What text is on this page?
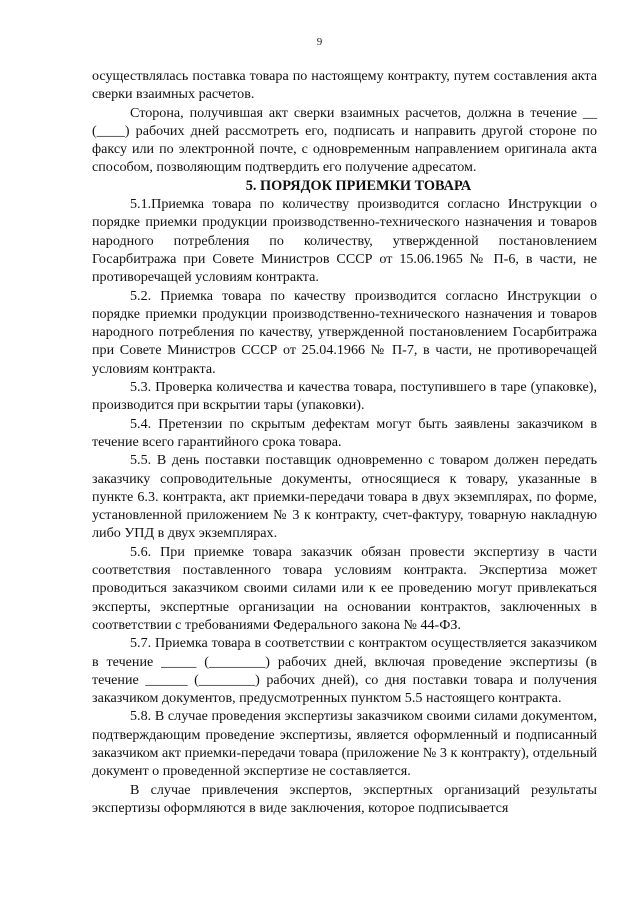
9

осуществлялась поставка товара по настоящему контракту, путем составления акта сверки взаимных расчетов.

Сторона, получившая акт сверки взаимных расчетов, должна в течение __ (____) рабочих дней рассмотреть его, подписать и направить другой стороне по факсу или по электронной почте, с одновременным направлением оригинала акта способом, позволяющим подтвердить его получение адресатом.

5. ПОРЯДОК ПРИЕМКИ ТОВАРА

5.1.Приемка товара по количеству производится согласно Инструкции о порядке приемки продукции производственно-технического назначения и товаров народного потребления по количеству, утвержденной постановлением Госарбитража при Совете Министров СССР от 15.06.1965 № П-6, в части, не противоречащей условиям контракта.

5.2. Приемка товара по качеству производится согласно Инструкции о порядке приемки продукции производственно-технического назначения и товаров народного потребления по качеству, утвержденной постановлением Госарбитража при Совете Министров СССР от 25.04.1966 № П-7, в части, не противоречащей условиям контракта.

5.3. Проверка количества и качества товара, поступившего в таре (упаковке), производится при вскрытии тары (упаковки).

5.4. Претензии по скрытым дефектам могут быть заявлены заказчиком в течение всего гарантийного срока товара.

5.5. В день поставки поставщик одновременно с товаром должен передать заказчику сопроводительные документы, относящиеся к товару, указанные в пункте 6.3. контракта, акт приемки-передачи товара в двух экземплярах, по форме, установленной приложением № 3 к контракту, счет-фактуру, товарную накладную либо УПД в двух экземплярах.

5.6. При приемке товара заказчик обязан провести экспертизу в части соответствия поставленного товара условиям контракта. Экспертиза может проводиться заказчиком своими силами или к ее проведению могут привлекаться эксперты, экспертные организации на основании контрактов, заключенных в соответствии с требованиями Федерального закона № 44-ФЗ.

5.7. Приемка товара в соответствии с контрактом осуществляется заказчиком в течение _____ (________) рабочих дней, включая проведение экспертизы (в течение ______ (________) рабочих дней), со дня поставки товара и получения заказчиком документов, предусмотренных пунктом 5.5 настоящего контракта.

5.8. В случае проведения экспертизы заказчиком своими силами документом, подтверждающим проведение экспертизы, является оформленный и подписанный заказчиком акт приемки-передачи товара (приложение № 3 к контракту), отдельный документ о проведенной экспертизе не составляется.

В случае привлечения экспертов, экспертных организаций результаты экспертизы оформляются в виде заключения, которое подписывается
